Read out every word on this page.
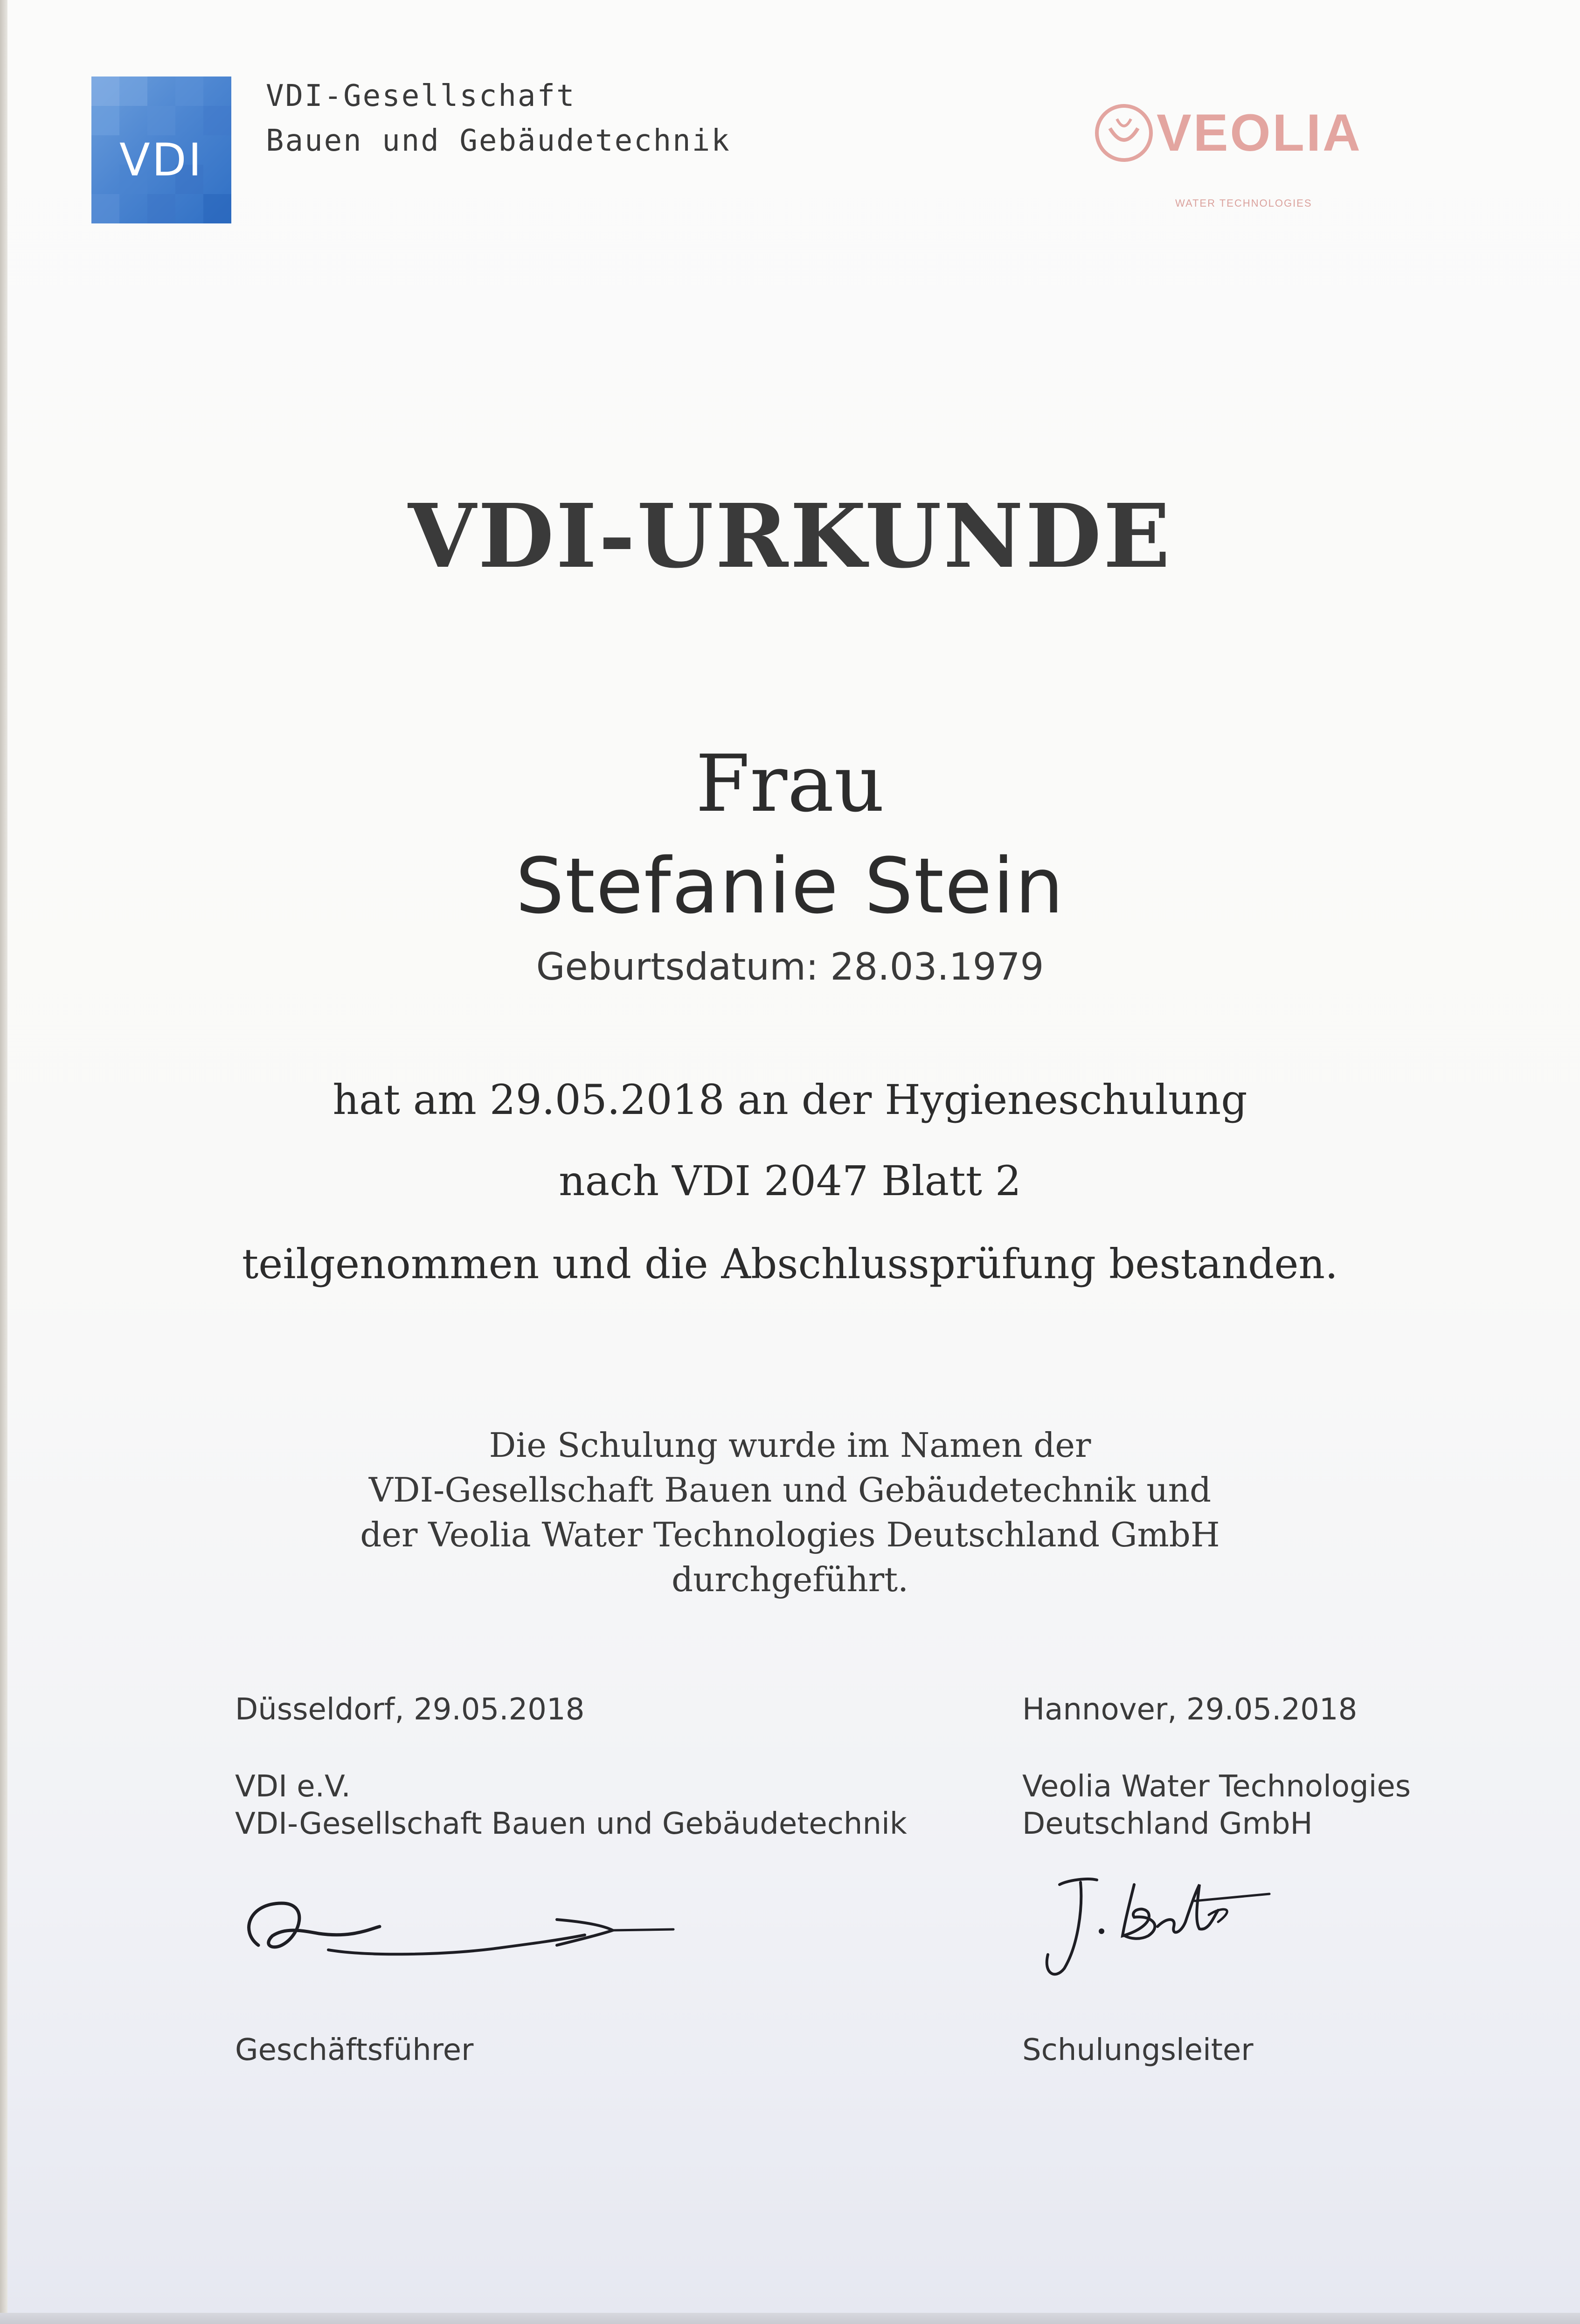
VDI
VDI-Gesellschaft
Bauen und Gebäudetechnik	VEOLIA
WATER TECHNOLOGIES
VDI-URKUNDE
Frau
Stefanie Stein
Geburtsdatum: 28.03.1979
hat am 29.05.2018 an der Hygieneschulung
nach VDI 2047 Blatt 2
teilgenommen und die Abschlussprüfung bestanden.
Die Schulung wurde im Namen der
VDI-Gesellschaft Bauen und Gebäudetechnik und
der Veolia Water Technologies Deutschland GmbH
durchgeführt.
Düsseldorf, 29.05.2018
VDI e.V.
VDI-Gesellschaft Bauen und Gebäudetechnik
Geschäftsführer
Hannover, 29.05.2018
Veolia Water Technologies
Deutschland GmbH
Schulungsleiter
